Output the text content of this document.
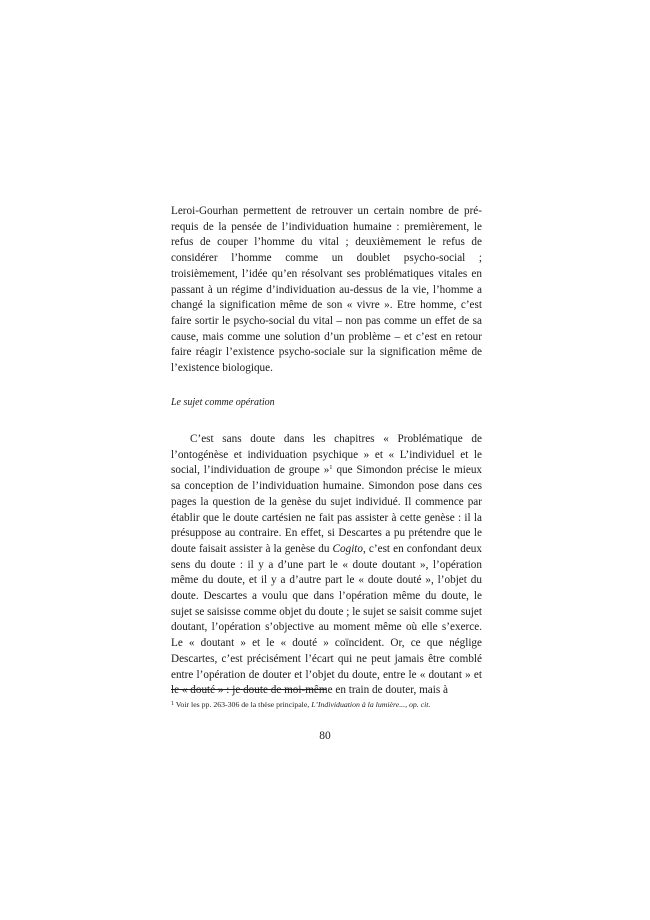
Leroi-Gourhan permettent de retrouver un certain nombre de pré-requis de la pensée de l’individuation humaine : premièrement, le refus de couper l’homme du vital ; deuxièmement le refus de considérer l’homme comme un doublet psycho-social ; troisièmement, l’idée qu’en résolvant ses problématiques vitales en passant à un régime d’individuation au-dessus de la vie, l’homme a changé la signification même de son « vivre ». Etre homme, c’est faire sortir le psycho-social du vital – non pas comme un effet de sa cause, mais comme une solution d’un problème – et c’est en retour faire réagir l’existence psycho-sociale sur la signification même de l’existence biologique.

Le sujet comme opération

C’est sans doute dans les chapitres « Problématique de l’ontogénèse et individuation psychique » et « L’individuel et le social, l’individuation de groupe »$^1$ que Simondon précise le mieux sa conception de l’individuation humaine. Simondon pose dans ces pages la question de la genèse du sujet individué. Il commence par établir que le doute cartésien ne fait pas assister à cette genèse : il la présuppose au contraire. En effet, si Descartes a pu prétendre que le doute faisait assister à la genèse du Cogito, c’est en confondant deux sens du doute : il y a d’une part le « doute doutant », l’opération même du doute, et il y a d’autre part le « doute douté », l’objet du doute. Descartes a voulu que dans l’opération même du doute, le sujet se saisisse comme objet du doute ; le sujet se saisit comme sujet doutant, l’opération s’objective au moment même où elle s’exerce. Le « doutant » et le « douté » coïncident. Or, ce que néglige Descartes, c’est précisément l’écart qui ne peut jamais être comblé entre l’opération de douter et l’objet du doute, entre le « doutant » et le « douté » : je doute de moi-même en train de douter, mais à

$^1$ Voir les pp. 263-306 de la thèse principale, L’Individuation à la lumière..., op. cit.

80
